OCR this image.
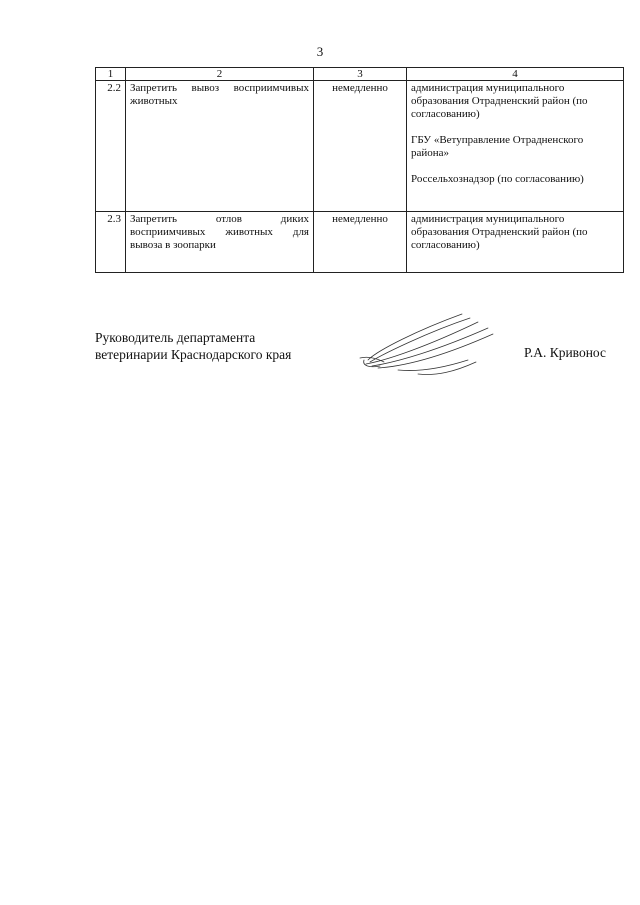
3
1	2	3	4
2.2	Запретить вывоз восприимчивых животных	немедленно	администрация муниципального образования Отрадненский район (по согласованию)

ГБУ «Ветуправление Отрадненского района»

Россельхознадзор (по согласованию)

2.3	Запретить отлов диких восприимчивых животных для вывоза в зоопарки	немедленно	администрация муниципального образования Отрадненский район (по согласованию)

Руководитель департамента
ветеринарии Краснодарского края	Р.А. Кривонос
